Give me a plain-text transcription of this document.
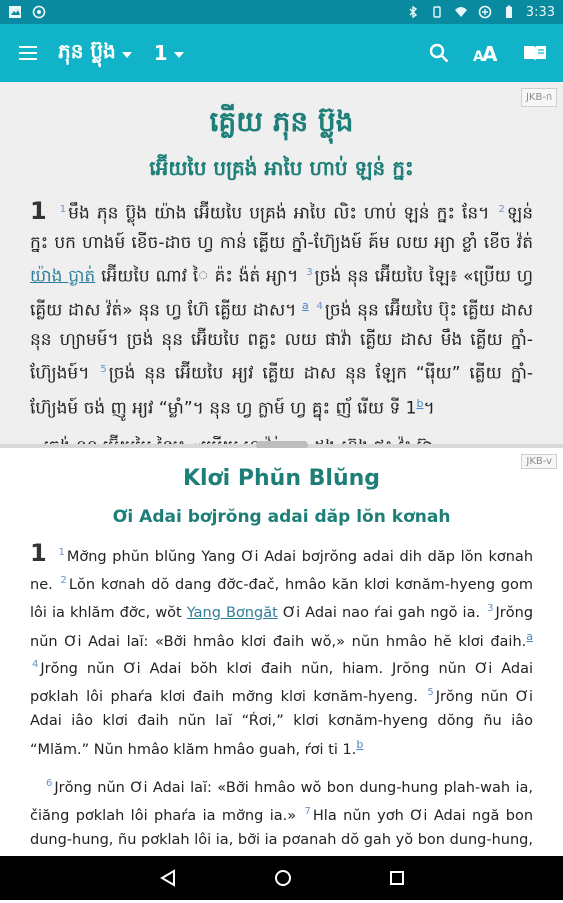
3:33
ភុន ប៊្លុង 1	A
A
JKB-ก
គ្លើយ ភុន ប៊្លុង
អ៊ើយបៃ បគ្រង់ អាបៃ ហាប់ ឡន់ ក្នះ
1 $^1$ មឹង ភុន ប៊្លុង យ៉ាង អ៊ើយបៃ បគ្រង់ អាបៃ លិះ ហាប់ ឡន់ ក្នះ នែ។ $^2$ ឡន់ ក្នះ បក ហាងម៍ ខើច-ដាច ហ្វ កាន់ គ្លើយ ក្នាំ-ហ៊្យែងម៍ គ៍ម លយ អ្យា ខ្លាំ ខើច វ៉ត់ យ៉ាង ប្ងាត់ អ៊ើយបៃ ណាវ ៃ គ៉ះ ង៉ត់ អ្យា។ $^3$ ច្រង់ នុន អ៊ើយបៃ ឡៃ៖ «ប្រើយ ហ្វ គ្លើយ ដាស វ៉ត់» នុន ហ្វ ហ៊ែ គ្លើយ ដាស។ $^a$ $^4$ ច្រង់ នុន អ៊ើយបៃ ប៊ុះ គ្លើយ ដាស នុន ហ្យាមម៍។ ច្រង់ នុន អ៊ើយបៃ ពគ្លះ លយ ផាវ៉ា គ្លើយ ដាស មឹង គ្លើយ ក្នាំ-ហ៊្យែងម៍។ $^5$ ច្រង់ នុន អ៊ើយបៃ អ្យវ គ្លើយ ដាស នុន ឡែក “រ៉ើយ” គ្លើយ ក្នាំ-ហ៊្យែងម៍ ចង់ ញូ អ្យវ “ម្លាំ”។ នុន ហ្វ ក្លាម៍ ហ្វ គ្នុះ ញ័ រើយ ទី 1$^b$។
JKB-v
Klơi Phŭn Blŭng
Ơi Adai bơjrŏng adai dăp lŏn kơnah
1 $^1$ Mơ̆ng phŭn blŭng Yang Ơi Adai bơjrŏng adai dih dăp lŏn kơnah ne. $^2$ Lŏn kơnah dŏ dang đơ̆c-đač, hmâo kăn klơi kơnăm-hyeng gom lôi ia khlăm đơ̆c, wŏt Yang Bơngăt Ơi Adai nao ŕai gah ngŏ ia. $^3$ Jrŏng nŭn Ơi Adai laĭ: «Bơ̆i hmâo klơi đaih wŏ,» nŭn hmâo hĕ klơi đaih.$^a$ $^4$ Jrŏng nŭn Ơi Adai bŏh klơi đaih nŭn, hiam. Jrŏng nŭn Ơi Adai pơklah lôi phaŕa klơi đaih mơ̆ng klơi kơnăm-hyeng. $^5$ Jrŏng nŭn Ơi Adai iâo klơi đaih nŭn laĭ “Ŕơi,” klơi kơnăm-hyeng dŏng ñu iâo “Mlăm.” Nŭn hmâo klăm hmâo guah, ŕơi ti 1.$^b$
$^6$ Jrŏng nŭn Ơi Adai laĭ: «Bơ̆i hmâo wŏ bon dung-hung plah-wah ia, čiăng pơklah lôi phaŕa ia mơ̆ng ia.» $^7$ Hla nŭn yơh Ơi Adai ngă bon dung-hung, ñu pơklah lôi ia, bơ̆i ia pơanah dŏ gah yŏ bon dung-hung,
